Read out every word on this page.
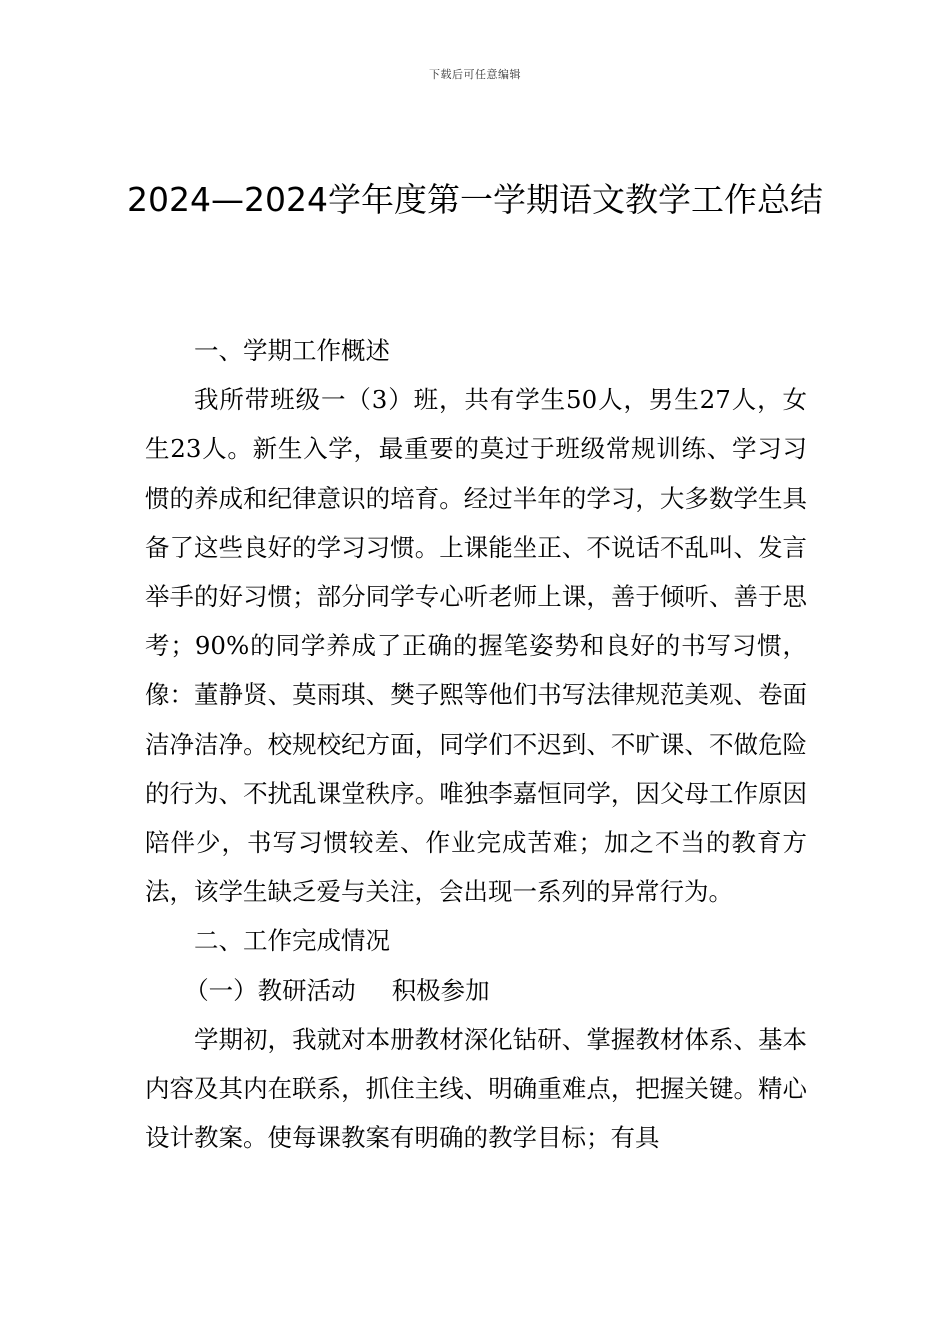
下载后可任意编辑
2024—2024学年度第一学期语文教学工作总结

一、学期工作概述

我所带班级一（3）班，共有学生50人，男生27人，女生23人。新生入学，最重要的莫过于班级常规训练、学习习惯的养成和纪律意识的培育。经过半年的学习，大多数学生具备了这些良好的学习习惯。上课能坐正、不说话不乱叫、发言举手的好习惯；部分同学专心听老师上课，善于倾听、善于思考；90%的同学养成了正确的握笔姿势和良好的书写习惯，像：董静贤、莫雨琪、樊子熙等他们书写法律规范美观、卷面洁净洁净。校规校纪方面，同学们不迟到、不旷课、不做危险的行为、不扰乱课堂秩序。唯独李嘉恒同学，因父母工作原因陪伴少，书写习惯较差、作业完成苦难；加之不当的教育方法，该学生缺乏爱与关注，会出现一系列的异常行为。

二、工作完成情况

（一）教研活动 积极参加

学期初，我就对本册教材深化钻研、掌握教材体系、基本内容及其内在联系，抓住主线、明确重难点，把握关键。精心设计教案。使每课教案有明确的教学目标；有具
